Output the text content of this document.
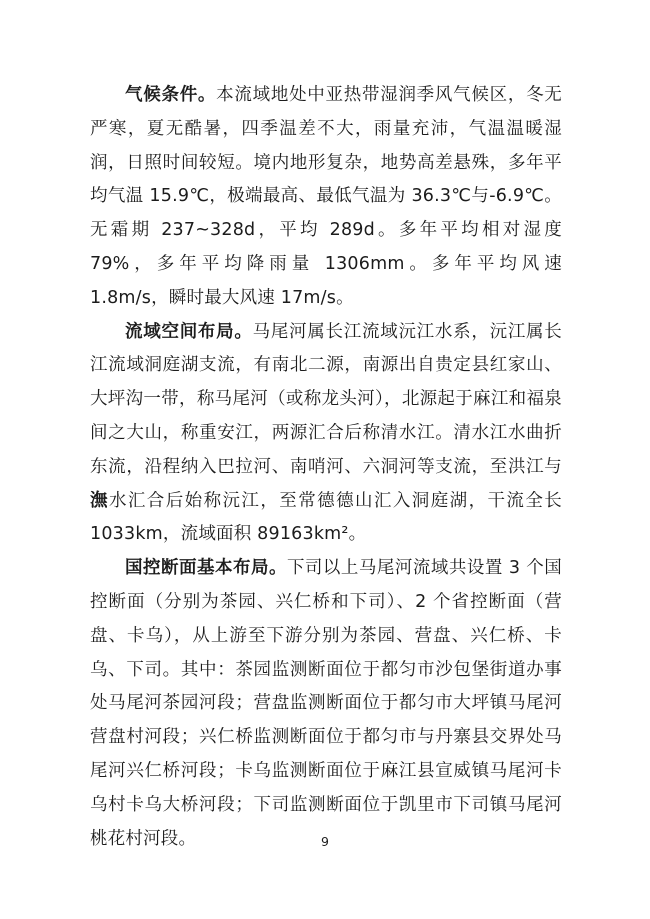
气候条件。本流域地处中亚热带湿润季风气候区，冬无严寒，夏无酷暑，四季温差不大，雨量充沛，气温温暖湿润，日照时间较短。境内地形复杂，地势高差悬殊，多年平均气温 15.9℃，极端最高、最低气温为 36.3℃与-6.9℃。无霜期 237~328d，平均 289d。多年平均相对湿度 79%，多年平均降雨量 1306mm。多年平均风速 1.8m/s，瞬时最大风速 17m/s。

流域空间布局。马尾河属长江流域沅江水系，沅江属长江流域洞庭湖支流，有南北二源，南源出自贵定县红家山、大坪沟一带，称马尾河（或称龙头河），北源起于麻江和福泉间之大山，称重安江，两源汇合后称清水江。清水江水曲折东流，沿程纳入巴拉河、南哨河、六洞河等支流，至洪江与潕水汇合后始称沅江，至常德德山汇入洞庭湖，干流全长 1033km，流域面积 89163km²。

国控断面基本布局。下司以上马尾河流域共设置 3 个国控断面（分别为茶园、兴仁桥和下司）、2 个省控断面（营盘、卡乌），从上游至下游分别为茶园、营盘、兴仁桥、卡乌、下司。其中：茶园监测断面位于都匀市沙包堡街道办事处马尾河茶园河段；营盘监测断面位于都匀市大坪镇马尾河营盘村河段；兴仁桥监测断面位于都匀市与丹寨县交界处马尾河兴仁桥河段；卡乌监测断面位于麻江县宣威镇马尾河卡乌村卡乌大桥河段；下司监测断面位于凯里市下司镇马尾河桃花村河段。	9
